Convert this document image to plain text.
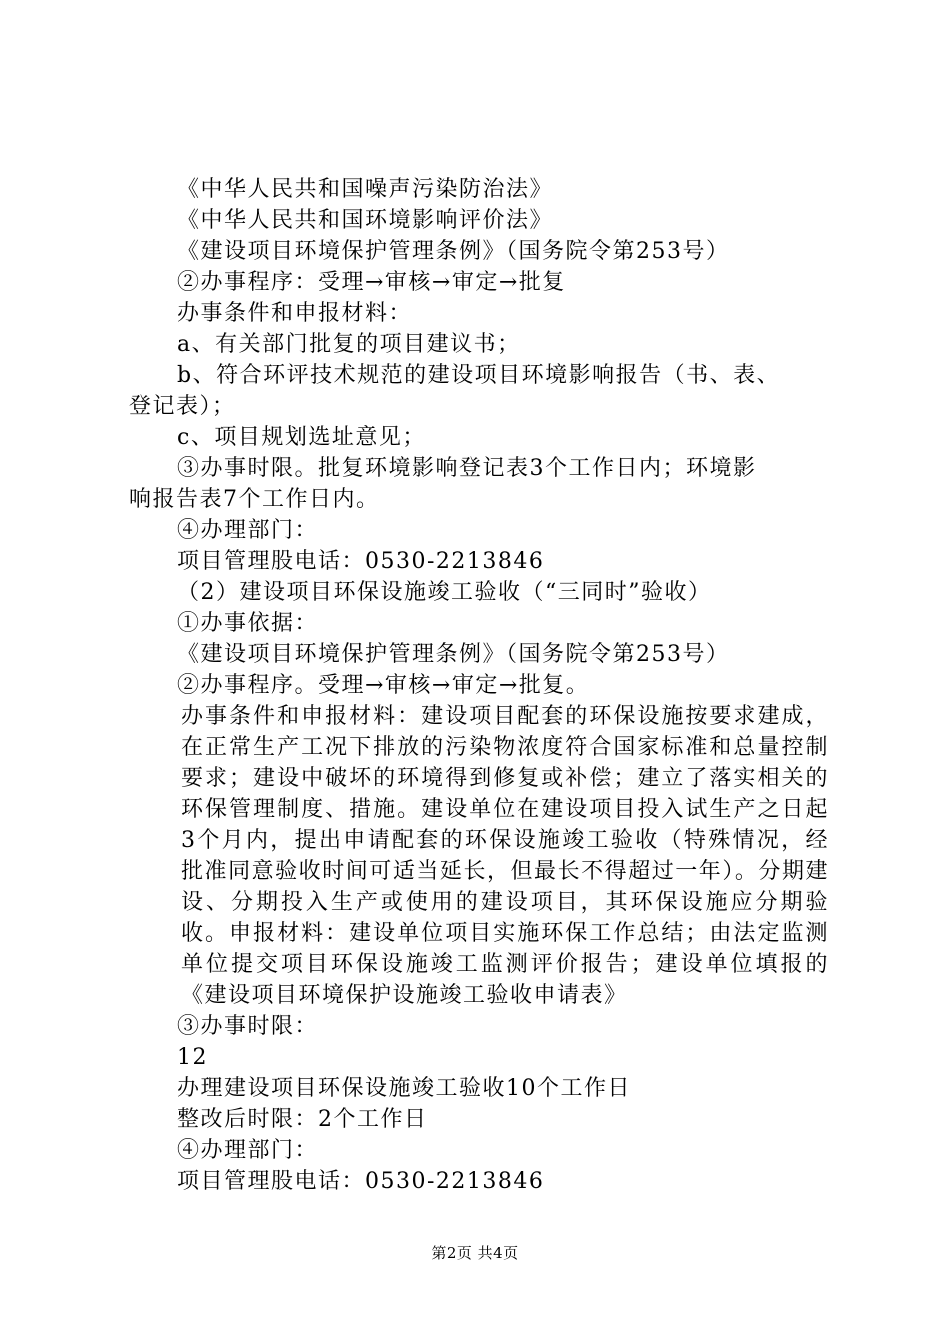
《中华人民共和国噪声污染防治法》
《中华人民共和国环境影响评价法》
《建设项目环境保护管理条例》（国务院令第253号）
②办事程序：受理→审核→审定→批复
办事条件和申报材料：
a、有关部门批复的项目建议书；
b、符合环评技术规范的建设项目环境影响报告（书、表、
登记表）；
c、项目规划选址意见；
③办事时限。批复环境影响登记表3个工作日内；环境影
响报告表7个工作日内。
④办理部门：
项目管理股电话：0530-2213846
（2）建设项目环保设施竣工验收（“三同时”验收）
①办事依据：
《建设项目环境保护管理条例》（国务院令第253号）
②办事程序。受理→审核→审定→批复。

办事条件和申报材料：建设项目配套的环保设施按要求建成，在正常生产工况下排放的污染物浓度符合国家标准和总量控制要求；建设中破坏的环境得到修复或补偿；建立了落实相关的环保管理制度、措施。建设单位在建设项目投入试生产之日起3个月内，提出申请配套的环保设施竣工验收（特殊情况，经批准同意验收时间可适当延长，但最长不得超过一年）。分期建设、分期投入生产或使用的建设项目，其环保设施应分期验收。申报材料：建设单位项目实施环保工作总结；由法定监测单位提交项目环保设施竣工监测评价报告；建设单位填报的《建设项目环境保护设施竣工验收申请表》

③办事时限：
12
办理建设项目环保设施竣工验收10个工作日
整改后时限：2个工作日
④办理部门：
项目管理股电话：0530-2213846
第2页 共4页
